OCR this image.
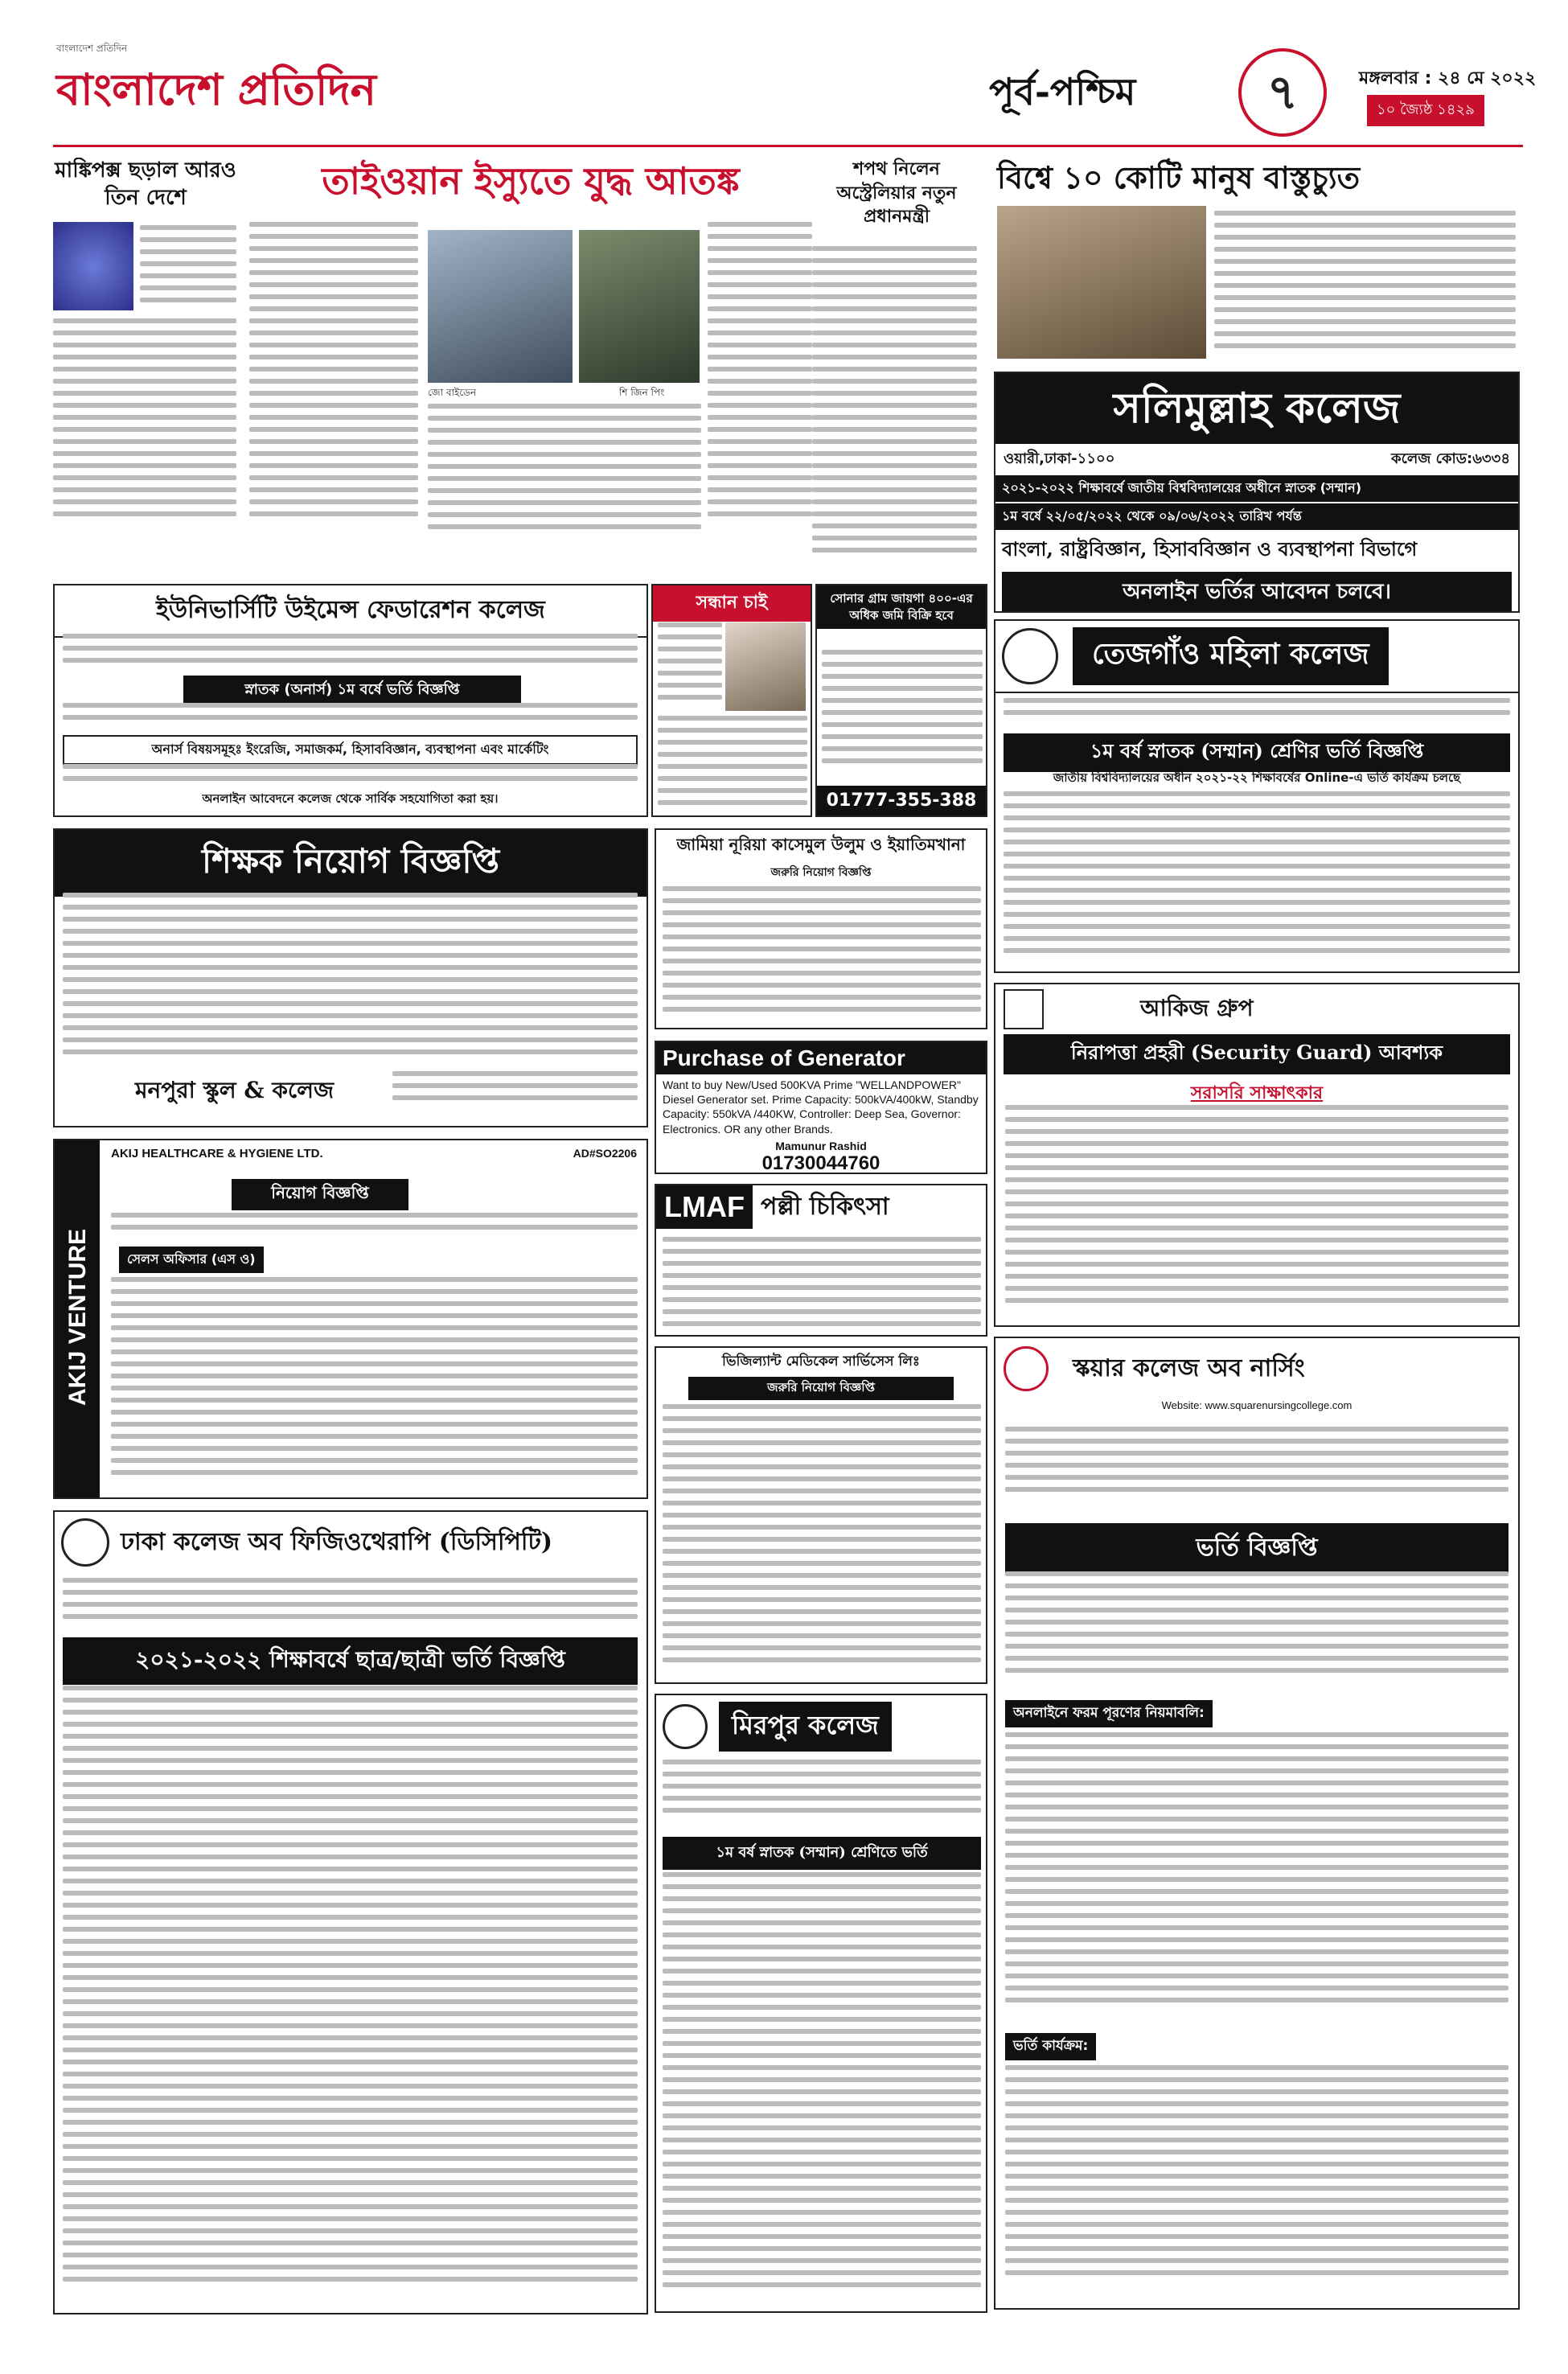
বাংলাদেশ প্রতিদিন
বাংলাদেশ প্রতিদিন	পূর্ব-পশ্চিম	৭	মঙ্গলবার : ২৪ মে ২০২২
১০ জ্যৈষ্ঠ ১৪২৯
মাঙ্কিপক্স ছড়াল আরও তিন দেশে	তাইওয়ান ইস্যুতে যুদ্ধ আতঙ্ক
জো বাইডেন	শি জিন পিং
শপথ নিলেন অস্ট্রেলিয়ার নতুন প্রধানমন্ত্রী
বিশ্বে ১০ কোটি মানুষ বাস্তুচ্যুত
সলিমুল্লাহ কলেজ
ওয়ারী,ঢাকা-১১০০	কলেজ কোড:৬৩৩৪
২০২১-২০২২ শিক্ষাবর্ষে জাতীয় বিশ্ববিদ্যালয়ের অধীনে স্নাতক (সম্মান)
১ম বর্ষে ২২/০৫/২০২২ থেকে ০৯/০৬/২০২২ তারিখ পর্যন্ত
বাংলা, রাষ্ট্রবিজ্ঞান, হিসাববিজ্ঞান ও ব্যবস্থাপনা বিভাগে
অনলাইন ভর্তির আবেদন চলবে।
ইউনিভার্সিটি উইমেন্স ফেডারেশন কলেজ
স্নাতক (অনার্স) ১ম বর্ষে ভর্তি বিজ্ঞপ্তি
অনার্স বিষয়সমূহঃ ইংরেজি, সমাজকর্ম, হিসাববিজ্ঞান, ব্যবস্থাপনা এবং মার্কেটিং
অনলাইন আবেদনে কলেজ থেকে সার্বিক সহযোগিতা করা হয়।
সন্ধান চাই	সোনার গ্রাম জায়গা ৪০০-এর অধিক জমি বিক্রি হবে
01777-355-388
তেজগাঁও মহিলা কলেজ
১ম বর্ষ স্নাতক (সম্মান) শ্রেণির ভর্তি বিজ্ঞপ্তি
জাতীয় বিশ্ববিদ্যালয়ের অধীন ২০২১-২২ শিক্ষাবর্ষের Online-এ ভর্তি কার্যক্রম চলছে
শিক্ষক নিয়োগ বিজ্ঞপ্তি
মনপুরা স্কুল & কলেজ
জামিয়া নূরিয়া কাসেমুল উলুম ও ইয়াতিমখানা
জরুরি নিয়োগ বিজ্ঞপ্তি
Purchase of Generator
Want to buy New/Used 500KVA Prime "WELLANDPOWER" Diesel Generator set. Prime Capacity: 500kVA/400kW, Standby Capacity: 550kVA /440KW, Controller: Deep Sea, Governor: Electronics. OR any other Brands.
Mamunur Rashid
01730044760
LMAF পল্লী চিকিৎসা
আকিজ গ্রুপ
নিরাপত্তা প্রহরী (Security Guard) আবশ্যক
সরাসরি সাক্ষাৎকার
AKIJ VENTURE
AKIJ HEALTHCARE & HYGIENE LTD.	AD#SO2206
নিয়োগ বিজ্ঞপ্তি
সেলস অফিসার (এস ও)
ভিজিল্যান্ট মেডিকেল সার্ভিসেস লিঃ
জরুরি নিয়োগ বিজ্ঞপ্তি
স্কয়ার কলেজ অব নার্সিং
Website: www.squarenursingcollege.com
ভর্তি বিজ্ঞপ্তি
অনলাইনে ফরম পূরণের নিয়মাবলি:
ভর্তি কার্যক্রম:
ঢাকা কলেজ অব ফিজিওথেরাপি (ডিসিপিটি)
২০২১-২০২২ শিক্ষাবর্ষে ছাত্র/ছাত্রী ভর্তি বিজ্ঞপ্তি
মিরপুর কলেজ
১ম বর্ষ স্নাতক (সম্মান) শ্রেণিতে ভর্তি
